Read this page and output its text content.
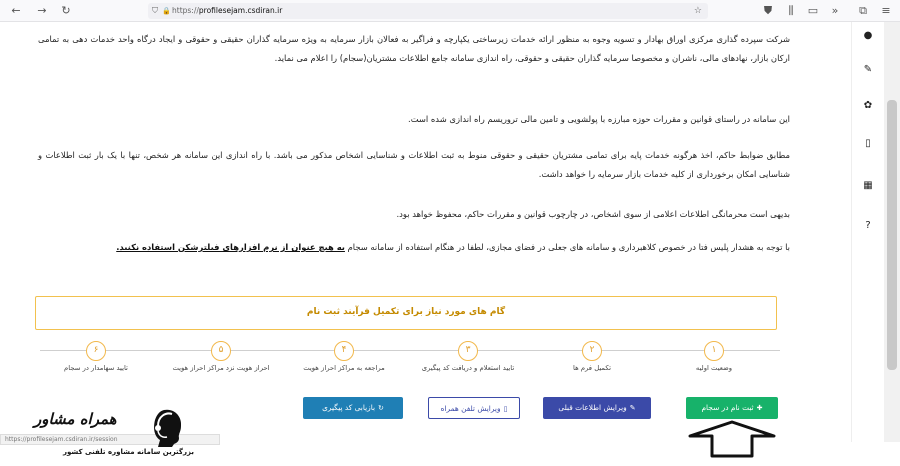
←	→	↻	⛉ 🔒 https://profilesejam.csdiran.ir	☆	⛊	⫼	▭	»	⧉	≡
●
✎
✿
▯
▦
?

شرکت سپرده گذاری مرکزی اوراق بهادار و تسویه وجوه به منظور ارائه خدمات زیرساختی یکپارچه و فراگیر به فعالان بازار سرمایه به ویژه سرمایه گذاران حقیقی و حقوقی و ایجاد درگاه واحد خدمات دهی به تمامی ارکان بازار، نهادهای مالی، ناشران و مخصوصا سرمایه گذاران حقیقی و حقوقی، راه اندازی سامانه جامع اطلاعات مشتریان(سجام) را اعلام می نماید.

این سامانه در راستای قوانین و مقررات حوزه مبارزه با پولشویی و تامین مالی تروریسم راه اندازی شده است.

مطابق ضوابط حاکم، اخذ هرگونه خدمات پایه برای تمامی مشتریان حقیقی و حقوقی منوط به ثبت اطلاعات و شناسایی اشخاص مذکور می باشد. با راه اندازی این سامانه هر شخص، تنها با یک بار ثبت اطلاعات و شناسایی امکان برخورداری از کلیه خدمات بازار سرمایه را خواهد داشت.

بدیهی است محرمانگی اطلاعات اعلامی از سوی اشخاص، در چارچوب قوانین و مقررات حاکم، محفوظ خواهد بود.

با توجه به هشدار پلیس فتا در خصوص کلاهبرداری و سامانه های جعلی در فضای مجازی، لطفا در هنگام استفاده از سامانه سجام به هیچ عنوان از نرم افزارهای فیلترشکن استفاده نکنید.

گام های مورد نیاز برای تکمیل فرآیند ثبت نام
۱
وضعیت اولیه
۲
تکمیل فرم ها
۳
تایید استعلام و دریافت کد پیگیری
۴
مراجعه به مراکز احراز هویت
۵
احراز هویت نزد مراکز احراز هویت
۶
تایید سهامدار در سجام
✚ثبت نام در سجام
✎ویرایش اطلاعات قبلی
▯ویرایش تلفن همراه
↻بازیابی کد پیگیری
https://profilesejam.csdiran.ir/session
همراه مشاور
بزرگترین سامانه مشاوره تلفنی کشور
